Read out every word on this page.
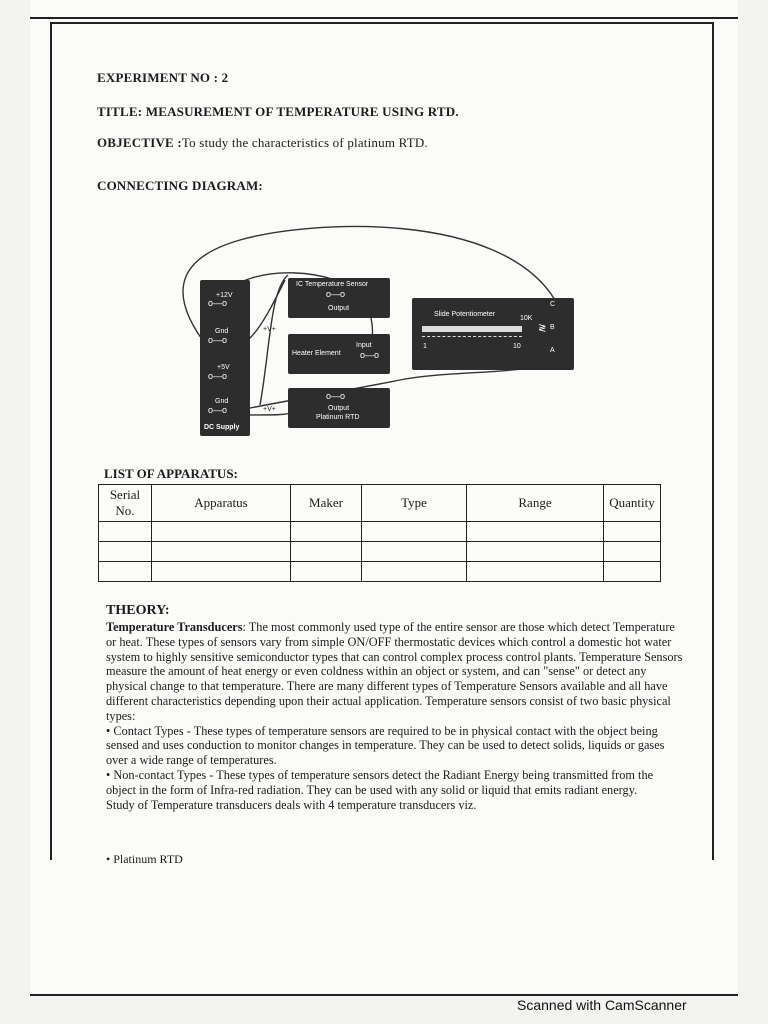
EXPERIMENT NO : 2
TITLE: MEASUREMENT OF TEMPERATURE USING RTD.
OBJECTIVE :To study the characteristics of platinum RTD.
CONNECTING DIAGRAM:
+12V
o—o
Gnd
o—o
+5V
o—o
Gnd
o—o
DC Supply
+V+
+V+
IC Temperature Sensor
o—o
Output
Input
Heater Element o—o
o—o
Output
Platinum RTD
Slide Potentiometer
10K
1	10
C
B
A
≷
LIST OF APPARATUS:
Serial No.	Apparatus	Maker	Type	Range	Quantity

THEORY:

Temperature Transducers: The most commonly used type of the entire sensor are those which detect Temperature or heat. These types of sensors vary from simple ON/OFF thermostatic devices which control a domestic hot water system to highly sensitive semiconductor types that can control complex process control plants. Temperature Sensors measure the amount of heat energy or even coldness within an object or system, and can "sense" or detect any physical change to that temperature. There are many different types of Temperature Sensors available and all have different characteristics depending upon their actual application. Temperature sensors consist of two basic physical types:

• Contact Types - These types of temperature sensors are required to be in physical contact with the object being sensed and uses conduction to monitor changes in temperature. They can be used to detect solids, liquids or gases over a wide range of temperatures.

• Non-contact Types - These types of temperature sensors detect the Radiant Energy being transmitted from the object in the form of Infra-red radiation. They can be used with any solid or liquid that emits radiant energy.

Study of Temperature transducers deals with 4 temperature transducers viz.

Scanned with CamScanner
